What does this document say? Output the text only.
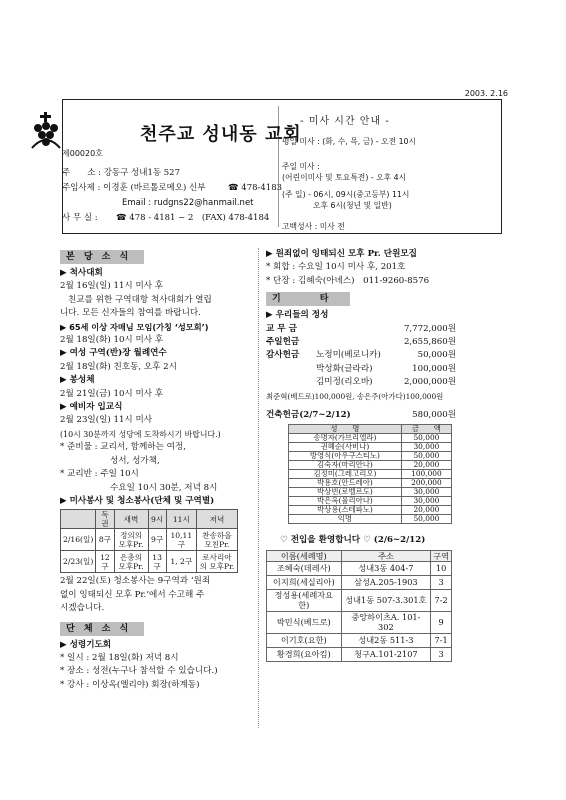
2003. 2.16
제00020호
천주교 성내동 교회
주　　소 : 강동구 성내1동 527
주임사제 : 이경훈 (바르톨로메오) 신부	☎ 478-4183
Email : rudgns22@hanmail.net
사 무 실 : ☎ 478 - 4181 ~ 2　(FAX) 478-4184
- 미사 시간 안내 -
평일 미사 : (화, 수, 목, 금) - 오전 10시
주일 미사 :
(어린이미사 및 토요특전) - 오후 4시
(주 일) - 06시, 09시(중고등부) 11시
오후 6시(청년 및 일반)
고백성사 : 미사 전
본 당 소 식
▶ 척사대회
2월 16일(일) 11시 미사 후
친교를 위한 구역대항 척사대회가 열립
니다. 모든 신자들의 참여를 바랍니다.
▶ 65세 이상 자매님 모임(가칭 ‘성모회’)
2월 18일(화) 10시 미사 후
▶ 여성 구역(반)장 월례연수
2월 18일(화) 친호동, 오후 2시
▶ 봉성체
2월 21일(금) 10시 미사 후
▶ 예비자 입교식
2월 23일(일) 11시 미사
(10시 30분까지 성당에 도착하시기 바랍니다.)
* 준비물 : 교리서, 함께하는 여정,
성서, 성가책,
* 교리반 : 주일 10시
수요일 10시 30분, 저녁 8시
▶ 미사봉사 및 청소봉사(단체 및 구역별)
	독권	새벽	9시	11시	저녁
2/16(일)	8구	정의의 모후Pr.	9구	10,11구	찬송하올 모친Pr.
2/23(일)	12구	은총의 모후Pr.	13구	1, 2구	로사리아의 모후Pr.
2월 22일(토) 청소봉사는 9구역과 ‘원죄
없이 잉태되신 모후 Pr.’에서 수고해 주
시겠습니다.
단 체 소 식
▶ 성령기도회
* 일시 : 2월 18일(화) 저녁 8시
* 장소 : 성전(누구나 참석할 수 있습니다.)
* 강사 : 이상옥(엘리야) 회장(하계동)
▶ 원죄없이 잉태되신 모후 Pr. 단원모집
* 회합 : 수요일 10시 미사 후, 201호
* 단장 : 김혜숙(아녜스)　011-9260-8576
기　　　타
▶ 우리들의 정성
교 무 금	7,772,000원
주일헌금	2,655,860원
감사헌금 노정미(베로니카)	50,000원
박성화(글라라)	100,000원
김미정(리오바)	2,000,000원
최준혁(베드로)100,000원, 송은주(아가다)100,000원
건축헌금(2/7~2/12)	580,000원
성　　명	금　　액
송명자(가브리엘라)	50,000
권혜순(사비나)	30,000
방영식(아우구스티노)	50,000
김숙자(마리안나)	20,000
김정미(그레고리오)	100,000
박용호(안드레아)	200,000
박상빈(로벨르도)	30,000
박은옥(율리아나)	30,000
박상용(스테파노)	20,000
익명	50,000
♡ 전입을 환영합니다 ♡ (2/6~2/12)
이름(세례명)	주소	구역
조혜숙(데레사)	성내3동 404-7	10
이지희(세실리아)	삼성A.205-1903	3
정성용(세례자요한)	성내1동 507-3.301호	7-2
박민식(베드로)	중앙하이츠A. 101-302	9
이기호(요한)	성내2동 511-3	7-1
황경희(요아킴)	청구A.101-2107	3
